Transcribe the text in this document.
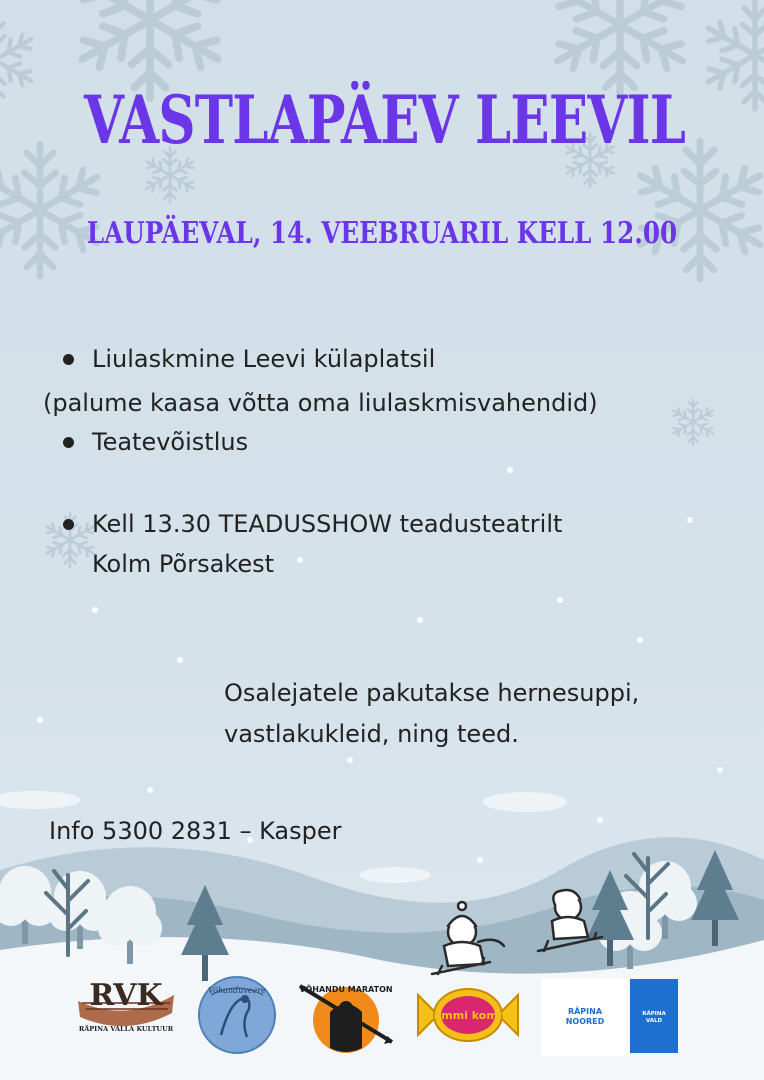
VASTLAPÄEV LEEVIL
LAUPÄEVAL, 14. VEEBRUARIL KELL 12.00
Liulaskmine Leevi külaplatsil
(palume kaasa võtta oma liulaskmisvahendid)
Teatevõistlus
Kell 13.30 TEADUSSHOW teadusteatrilt
Kolm Põrsakest
Osalejatele pakutakse hernesuppi,
vastlakukleid, ning teed.
Info 5300 2831 – Kasper
RVK
RÄPINA VALLA KULTUUR
Võhanduveere	VÕHANDU MARATON
kommi komm	RÄPINA
NOORED
RÄPINA
VALD
